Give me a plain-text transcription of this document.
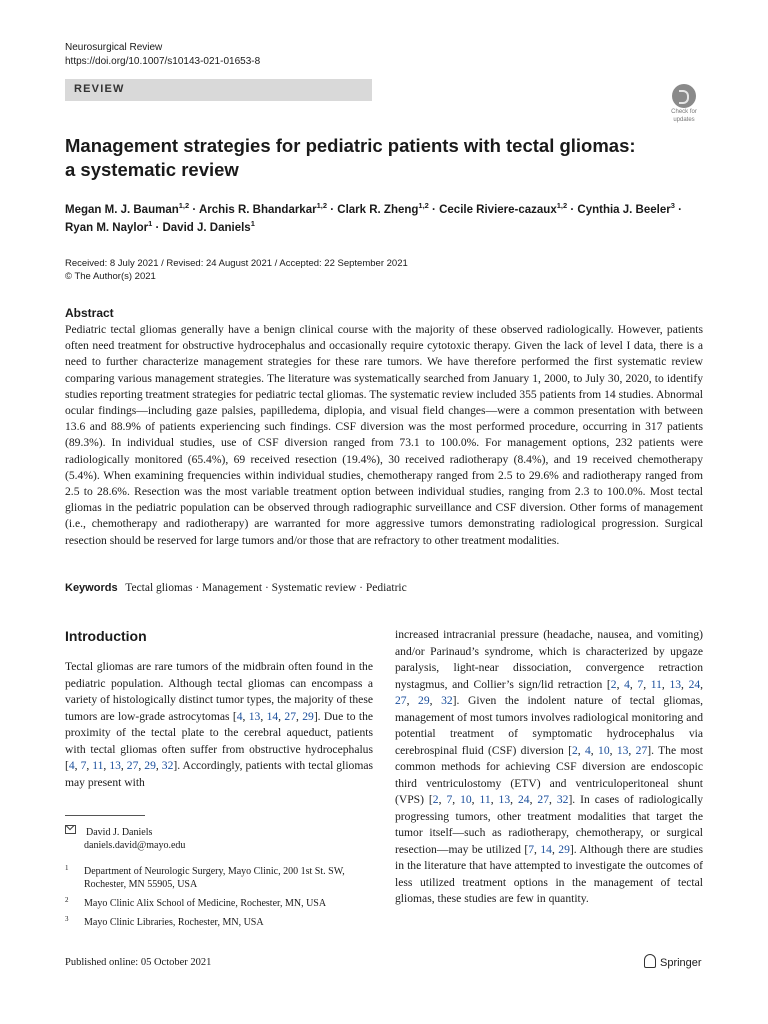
Neurosurgical Review
https://doi.org/10.1007/s10143-021-01653-8
REVIEW
Check for
updates
Management strategies for pediatric patients with tectal gliomas:
a systematic review
Megan M. J. Bauman$^{1,2}$ · Archis R. Bhandarkar$^{1,2}$ · Clark R. Zheng$^{1,2}$ · Cecile Riviere-cazaux$^{1,2}$ · Cynthia J. Beeler$^3$ ·
Ryan M. Naylor$^1$ · David J. Daniels$^1$
Received: 8 July 2021 / Revised: 24 August 2021 / Accepted: 22 September 2021
© The Author(s) 2021
Abstract

Pediatric tectal gliomas generally have a benign clinical course with the majority of these observed radiologically. However, patients often need treatment for obstructive hydrocephalus and occasionally require cytotoxic therapy. Given the lack of level I data, there is a need to further characterize management strategies for these rare tumors. We have therefore performed the first systematic review comparing various management strategies. The literature was systematically searched from January 1, 2000, to July 30, 2020, to identify studies reporting treatment strategies for pediatric tectal gliomas. The systematic review included 355 patients from 14 studies. Abnormal ocular findings—including gaze palsies, papilledema, diplopia, and visual field changes—were a common presentation with between 13.6 and 88.9% of patients experiencing such findings. CSF diversion was the most performed procedure, occurring in 317 patients (89.3%). In individual studies, use of CSF diversion ranged from 73.1 to 100.0%. For management options, 232 patients were radiologically monitored (65.4%), 69 received resection (19.4%), 30 received radiotherapy (8.4%), and 19 received chemotherapy (5.4%). When examining frequencies within individual studies, chemotherapy ranged from 2.5 to 29.6% and radiotherapy ranged from 2.5 to 28.6%. Resection was the most variable treatment option between individual studies, ranging from 2.3 to 100.0%. Most tectal gliomas in the pediatric population can be observed through radiographic surveillance and CSF diversion. Other forms of management (i.e., chemotherapy and radiotherapy) are warranted for more aggressive tumors demonstrating radiological progression. Surgical resection should be reserved for large tumors and/or those that are refractory to other treatment modalities.

Keywords Tectal gliomas · Management · Systematic review · Pediatric
Introduction

Tectal gliomas are rare tumors of the midbrain often found in the pediatric population. Although tectal gliomas can encompass a variety of histologically distinct tumor types, the majority of these tumors are low-grade astrocytomas [4, 13, 14, 27, 29]. Due to the proximity of the tectal plate to the cerebral aqueduct, patients with tectal gliomas often suffer from obstructive hydrocephalus [4, 7, 11, 13, 27, 29, 32]. Accordingly, patients with tectal gliomas may present with

increased intracranial pressure (headache, nausea, and vomiting) and/or Parinaud’s syndrome, which is characterized by upgaze paralysis, light-near dissociation, convergence retraction nystagmus, and Collier’s sign/lid retraction [2, 4, 7, 11, 13, 24, 27, 29, 32]. Given the indolent nature of tectal gliomas, management of most tumors involves radiological monitoring and potential treatment of symptomatic hydrocephalus via cerebrospinal fluid (CSF) diversion [2, 4, 10, 13, 27]. The most common methods for achieving CSF diversion are endoscopic third ventriculostomy (ETV) and ventriculoperitoneal shunt (VPS) [2, 7, 10, 11, 13, 24, 27, 32]. In cases of radiologically progressing tumors, other treatment modalities that target the tumor itself—such as radiotherapy, chemotherapy, or surgical resection—may be utilized [7, 14, 29]. Although there are studies in the literature that have attempted to investigate the outcomes of less utilized treatment options in the management of tectal gliomas, these studies are few in quantity.

David J. Daniels
daniels.david@mayo.edu
1 Department of Neurologic Surgery, Mayo Clinic, 200 1st St. SW, Rochester, MN 55905, USA
2 Mayo Clinic Alix School of Medicine, Rochester, MN, USA
3 Mayo Clinic Libraries, Rochester, MN, USA
Published online: 05 October 2021	Springer
